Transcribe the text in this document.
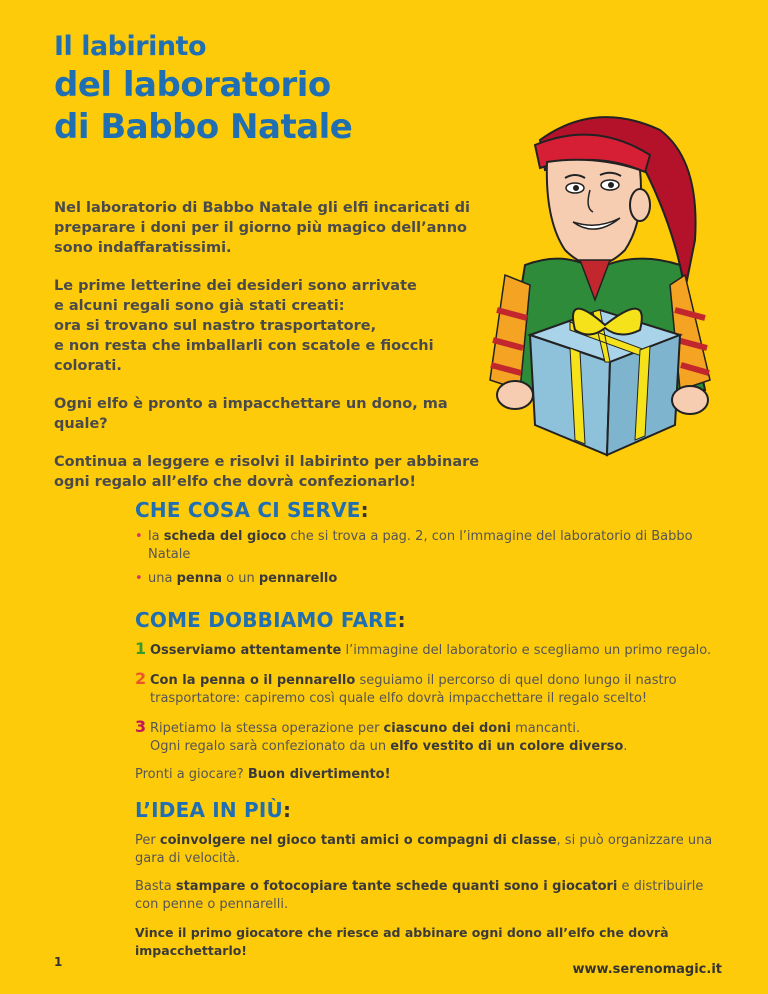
Il labirinto
del laboratorio
di Babbo Natale

Nel laboratorio di Babbo Natale gli elfi incaricati di
preparare i doni per il giorno più magico dell’anno
sono indaffaratissimi.

Le prime letterine dei desideri sono arrivate
e alcuni regali sono già stati creati:
ora si trovano sul nastro trasportatore,
e non resta che imballarli con scatole e fiocchi colorati.

Ogni elfo è pronto a impacchettare un dono, ma quale?

Continua a leggere e risolvi il labirinto per abbinare
ogni regalo all’elfo che dovrà confezionarlo!

CHE COSA CI SERVE:
• la scheda del gioco che si trova a pag. 2, con l’immagine del laboratorio di Babbo Natale
• una penna o un pennarello
COME DOBBIAMO FARE:
1 Osserviamo attentamente l’immagine del laboratorio e scegliamo un primo regalo.
2 Con la penna o il pennarello seguiamo il percorso di quel dono lungo il nastro trasportatore: capiremo così quale elfo dovrà impacchettare il regalo scelto!
3 Ripetiamo la stessa operazione per ciascuno dei doni mancanti.
Ogni regalo sarà confezionato da un elfo vestito di un colore diverso.
Pronti a giocare? Buon divertimento!
L’IDEA IN PIÙ:
Per coinvolgere nel gioco tanti amici o compagni di classe, si può organizzare una gara di velocità.
Basta stampare o fotocopiare tante schede quanti sono i giocatori e distribuirle con penne o pennarelli.
Vince il primo giocatore che riesce ad abbinare ogni dono all’elfo che dovrà impacchettarlo!
1	www.serenomagic.it
